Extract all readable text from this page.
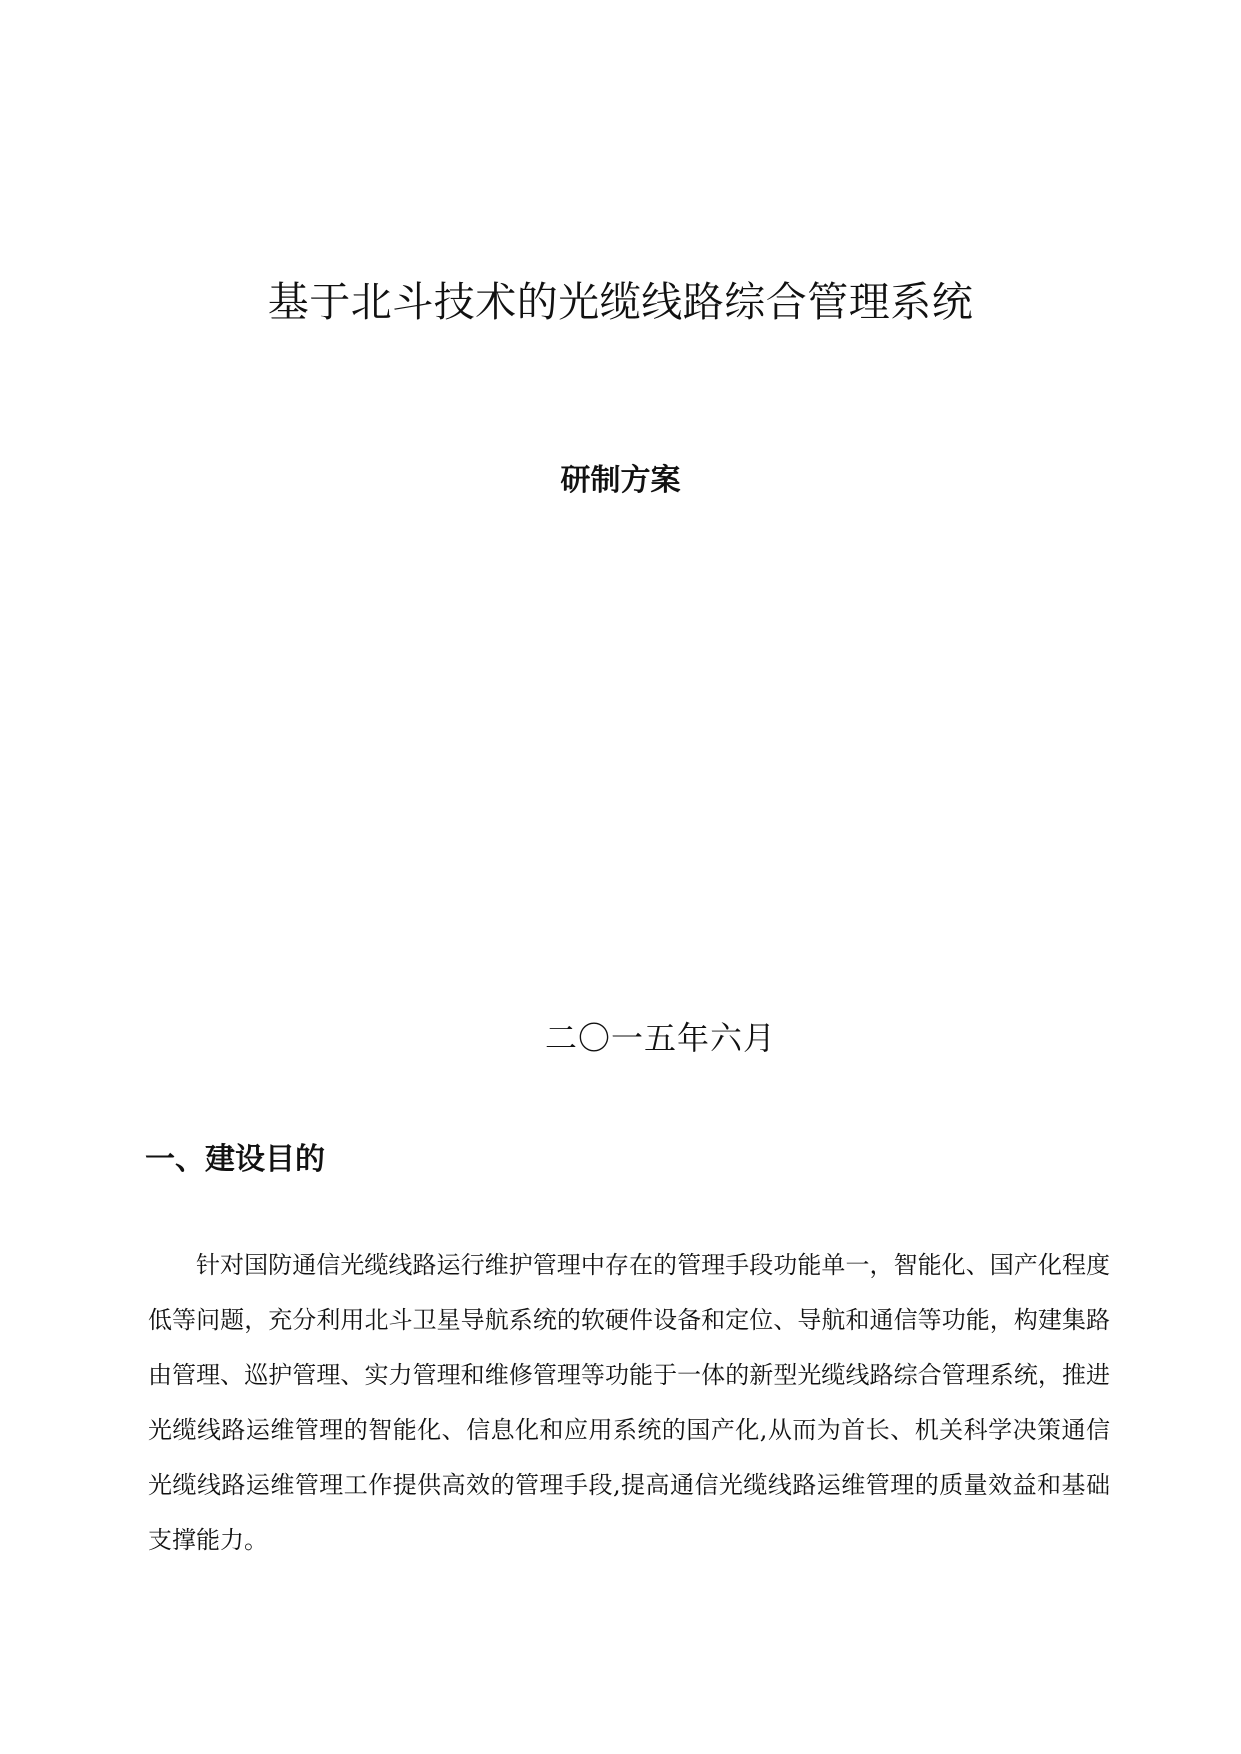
基于北斗技术的光缆线路综合管理系统
研制方案
二〇一五年六月
一、建设目的

针对国防通信光缆线路运行维护管理中存在的管理手段功能单一，智能化、国产化程度低等问题，充分利用北斗卫星导航系统的软硬件设备和定位、导航和通信等功能，构建集路由管理、巡护管理、实力管理和维修管理等功能于一体的新型光缆线路综合管理系统，推进光缆线路运维管理的智能化、信息化和应用系统的国产化,从而为首长、机关科学决策通信光缆线路运维管理工作提供高效的管理手段,提高通信光缆线路运维管理的质量效益和基础支撑能力。
